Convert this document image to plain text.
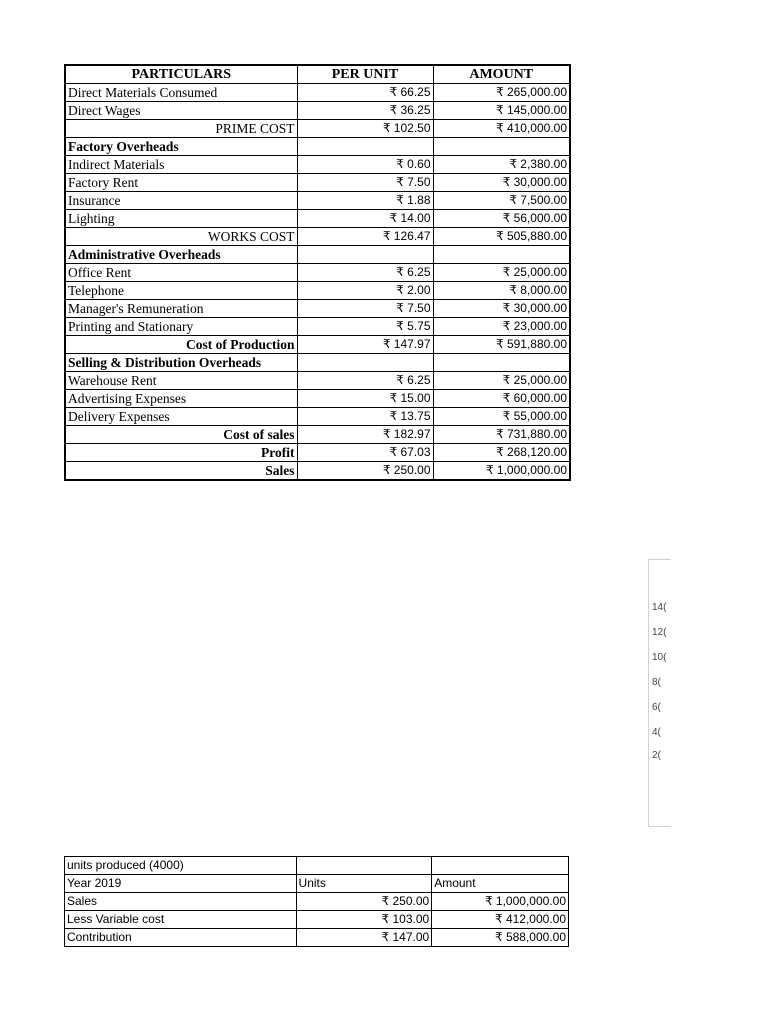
PARTICULARS	PER UNIT	AMOUNT
Direct Materials Consumed	₹ 66.25	₹ 265,000.00
Direct Wages	₹ 36.25	₹ 145,000.00
PRIME COST	₹ 102.50	₹ 410,000.00
Factory Overheads		
Indirect Materials	₹ 0.60	₹ 2,380.00
Factory Rent	₹ 7.50	₹ 30,000.00
Insurance	₹ 1.88	₹ 7,500.00
Lighting	₹ 14.00	₹ 56,000.00
WORKS COST	₹ 126.47	₹ 505,880.00
Administrative Overheads		
Office Rent	₹ 6.25	₹ 25,000.00
Telephone	₹ 2.00	₹ 8,000.00
Manager's Remuneration	₹ 7.50	₹ 30,000.00
Printing and Stationary	₹ 5.75	₹ 23,000.00
Cost of Production	₹ 147.97	₹ 591,880.00
Selling & Distribution Overheads		
Warehouse Rent	₹ 6.25	₹ 25,000.00
Advertising Expenses	₹ 15.00	₹ 60,000.00
Delivery Expenses	₹ 13.75	₹ 55,000.00
Cost of sales	₹ 182.97	₹ 731,880.00
Profit	₹ 67.03	₹ 268,120.00
Sales	₹ 250.00	₹ 1,000,000.00
14(
12(
10(
8(
6(
4(
2(
units produced (4000)		
Year 2019	Units	Amount
Sales	₹ 250.00	₹ 1,000,000.00
Less Variable cost	₹ 103.00	₹ 412,000.00
Contribution	₹ 147.00	₹ 588,000.00
